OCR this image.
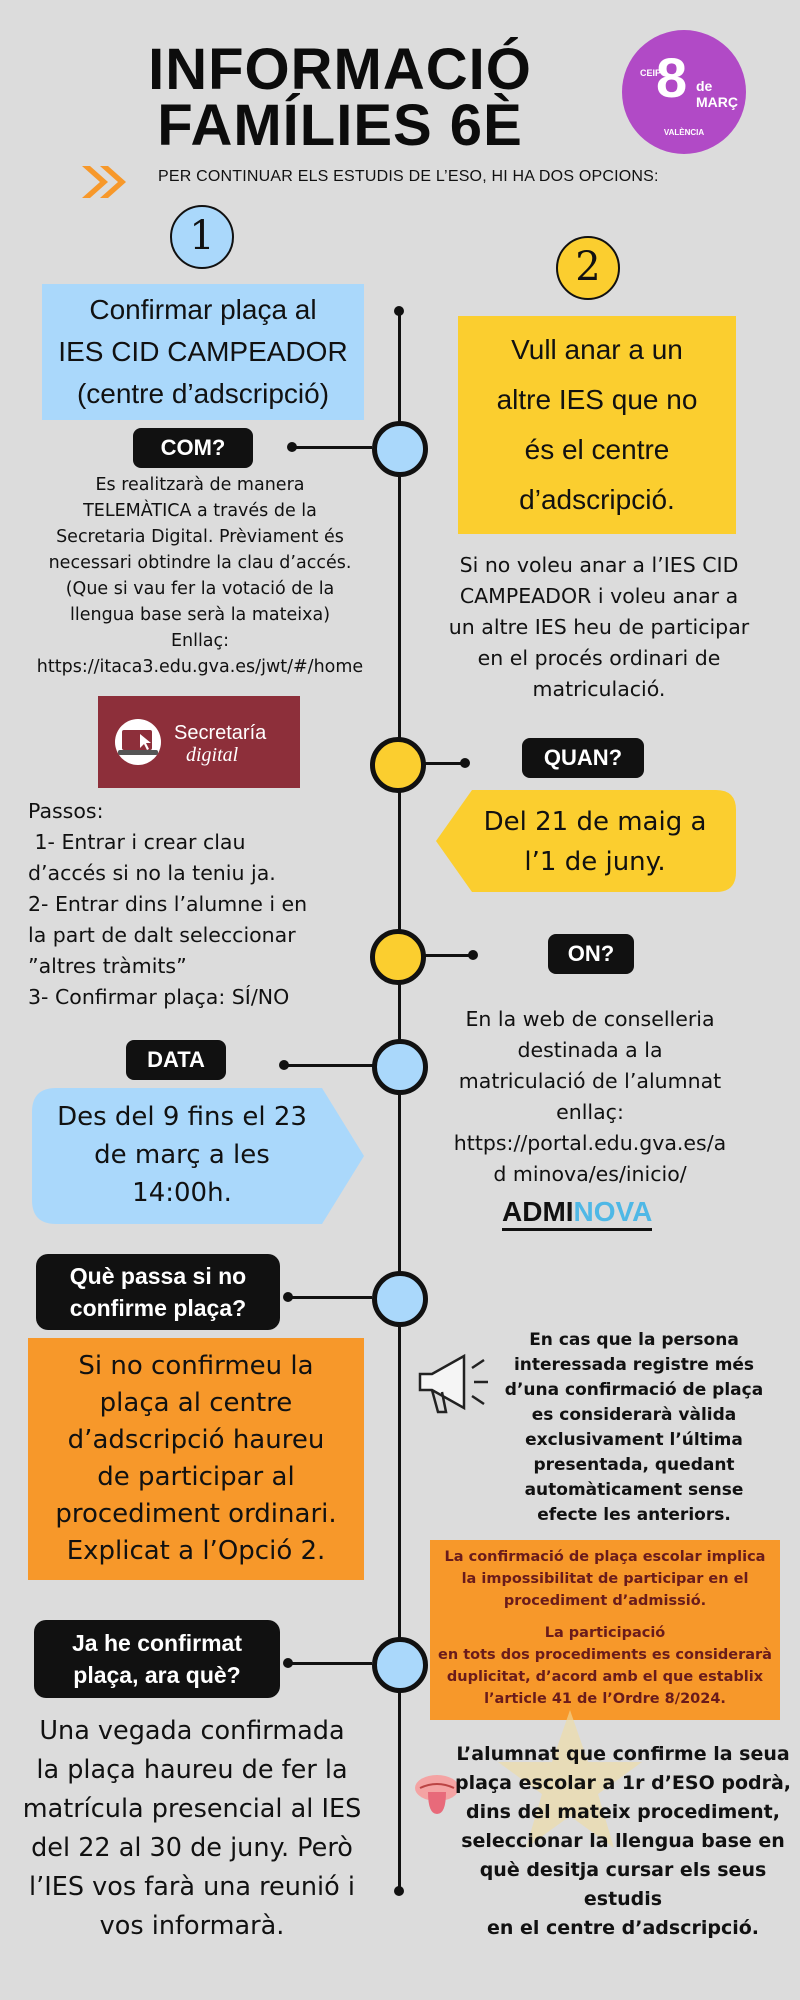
INFORMACIÓ
FAMÍLIES 6È
CEIP
8 de
MARÇ
VALÈNCIA
PER CONTINUAR ELS ESTUDIS DE L’ESO, HI HA DOS OPCIONS:
1
2
Confirmar plaça al
IES CID CAMPEADOR
(centre d’adscripció)
COM?
Es realitzarà de manera
TELEMÀTICA a través de la
Secretaria Digital. Prèviament és
necessari obtindre la clau d’accés.
(Que si vau fer la votació de la
llengua base serà la mateixa)
Enllaç:
https://itaca3.edu.gva.es/jwt/#/home
Secretaría
digital
Passos:
1- Entrar i crear clau
d’accés si no la teniu ja.
2- Entrar dins l’alumne i en
la part de dalt seleccionar
”altres tràmits”
3- Confirmar plaça: SÍ/NO
DATA
Des del 9 fins el 23
de març a les
14:00h.
Què passa si no
confirme plaça?
Si no confirmeu la
plaça al centre
d’adscripció haureu
de participar al
procediment ordinari.
Explicat a l’Opció 2.
Ja he confirmat
plaça, ara què?
Una vegada confirmada
la plaça haureu de fer la
matrícula presencial al IES
del 22 al 30 de juny. Però
l’IES vos farà una reunió i
vos informarà.
Vull anar a un
altre IES que no
és el centre
d’adscripció.
Si no voleu anar a l’IES CID
CAMPEADOR i voleu anar a
un altre IES heu de participar
en el procés ordinari de
matriculació.
QUAN?
Del 21 de maig a
l’1 de juny.
ON?
En la web de conselleria
destinada a la
matriculació de l’alumnat
enllaç:
https://portal.edu.gva.es/a
d minova/es/inicio/
ADMINOVA
En cas que la persona
interessada registre més
d’una confirmació de plaça
es considerarà vàlida
exclusivament l’última
presentada, quedant
automàticament sense
efecte les anteriors.
La confirmació de plaça escolar implica
la impossibilitat de participar en el
procediment d’admissió.
La participació
en tots dos procediments es considerarà
duplicitat, d’acord amb el que establix
l’article 41 de l’Ordre 8/2024.
L’alumnat que confirme la seua
plaça escolar a 1r d’ESO podrà,
dins del mateix procediment,
seleccionar la llengua base en
què desitja cursar els seus estudis
en el centre d’adscripció.
